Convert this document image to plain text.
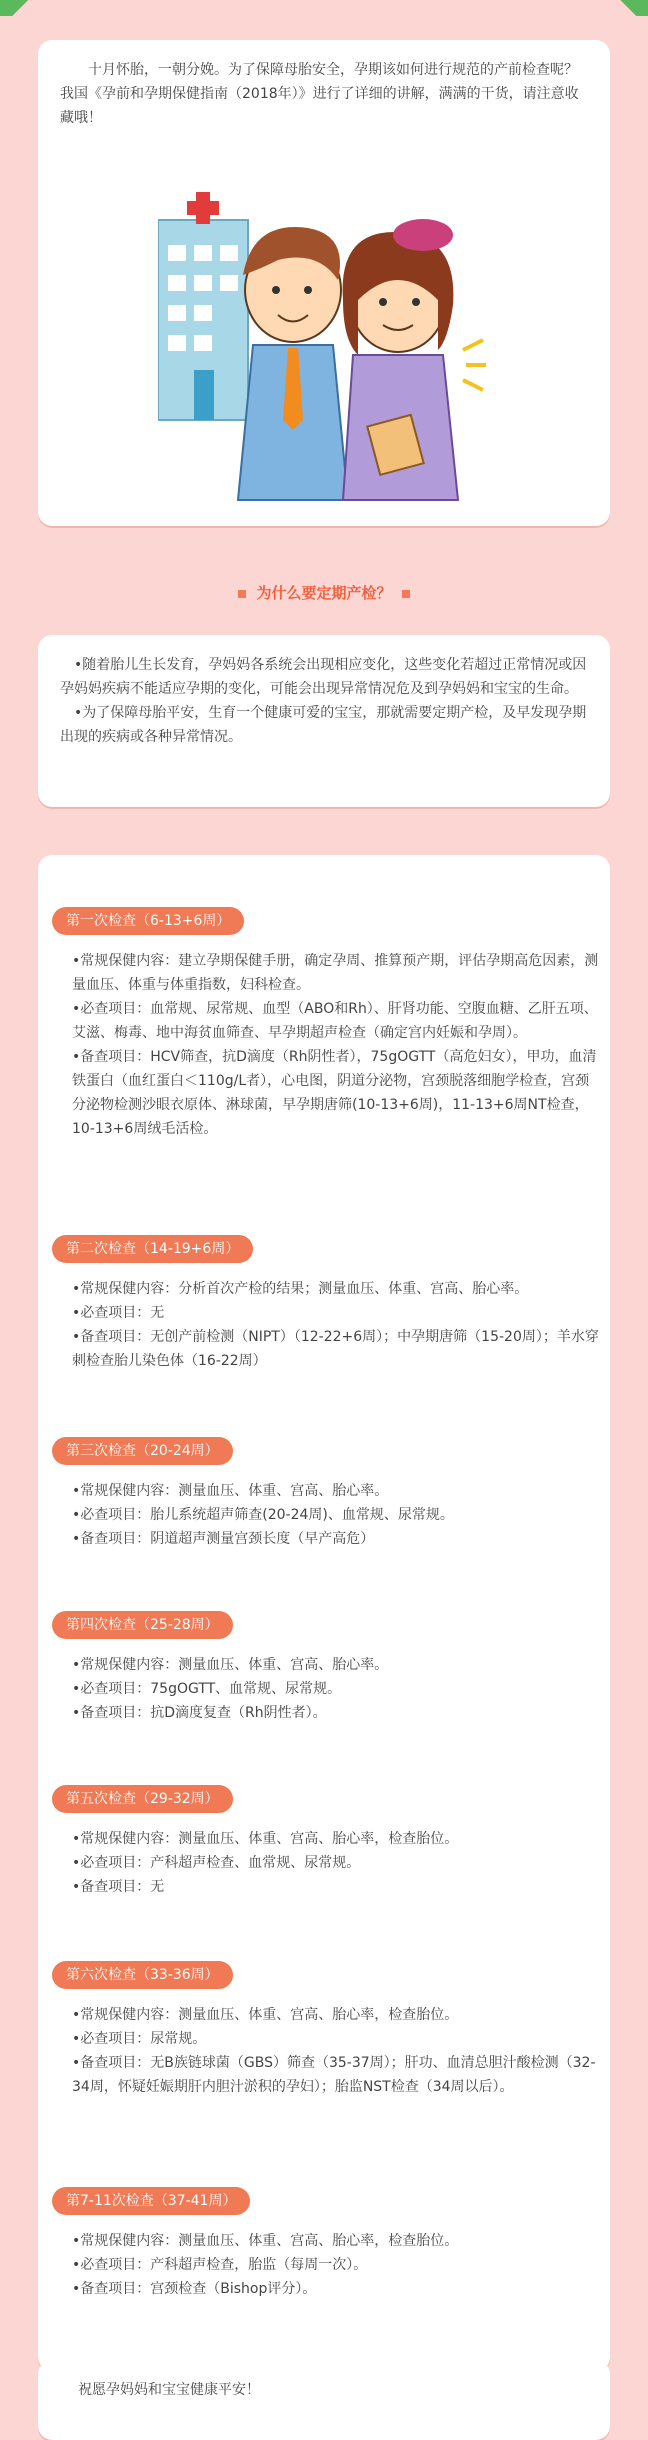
十月怀胎，一朝分娩。为了保障母胎安全，孕期该如何进行规范的产前检查呢？我国《孕前和孕期保健指南（2018年）》进行了详细的讲解，满满的干货，请注意收藏哦！

为什么要定期产检？

•随着胎儿生长发育，孕妈妈各系统会出现相应变化，这些变化若超过正常情况或因孕妈妈疾病不能适应孕期的变化，可能会出现异常情况危及到孕妈妈和宝宝的生命。

•为了保障母胎平安，生育一个健康可爱的宝宝，那就需要定期产检，及早发现孕期出现的疾病或各种异常情况。

第一次检查（6-13+6周）

•常规保健内容：建立孕期保健手册，确定孕周、推算预产期，评估孕期高危因素，测量血压、体重与体重指数，妇科检查。

•必查项目：血常规、尿常规、血型（ABO和Rh）、肝肾功能、空腹血糖、乙肝五项、艾滋、梅毒、地中海贫血筛查、早孕期超声检查（确定宫内妊娠和孕周）。

•备查项目：HCV筛查，抗D滴度（Rh阴性者），75gOGTT（高危妇女），甲功，血清铁蛋白（血红蛋白＜110g/L者），心电图，阴道分泌物，宫颈脱落细胞学检查，宫颈分泌物检测沙眼衣原体、淋球菌，早孕期唐筛(10-13+6周)，11-13+6周NT检查，10-13+6周绒毛活检。

第二次检查（14-19+6周）

•常规保健内容：分析首次产检的结果；测量血压、体重、宫高、胎心率。

•必查项目：无

•备查项目：无创产前检测（NIPT）（12-22+6周）；中孕期唐筛（15-20周）；羊水穿刺检查胎儿染色体（16-22周）

第三次检查（20-24周）

•常规保健内容：测量血压、体重、宫高、胎心率。

•必查项目：胎儿系统超声筛查(20-24周)、血常规、尿常规。

•备查项目：阴道超声测量宫颈长度（早产高危）

第四次检查（25-28周）

•常规保健内容：测量血压、体重、宫高、胎心率。

•必查项目：75gOGTT、血常规、尿常规。

•备查项目：抗D滴度复查（Rh阴性者）。

第五次检查（29-32周）

•常规保健内容：测量血压、体重、宫高、胎心率，检查胎位。

•必查项目：产科超声检查、血常规、尿常规。

•备查项目：无

第六次检查（33-36周）

•常规保健内容：测量血压、体重、宫高、胎心率，检查胎位。

•必查项目：尿常规。

•备查项目：无B族链球菌（GBS）筛查（35-37周）；肝功、血清总胆汁酸检测（32-34周，怀疑妊娠期肝内胆汁淤积的孕妇）；胎监NST检查（34周以后）。

第7-11次检查（37-41周）

•常规保健内容：测量血压、体重、宫高、胎心率，检查胎位。

•必查项目：产科超声检查，胎监（每周一次）。

•备查项目：宫颈检查（Bishop评分）。

祝愿孕妈妈和宝宝健康平安！
